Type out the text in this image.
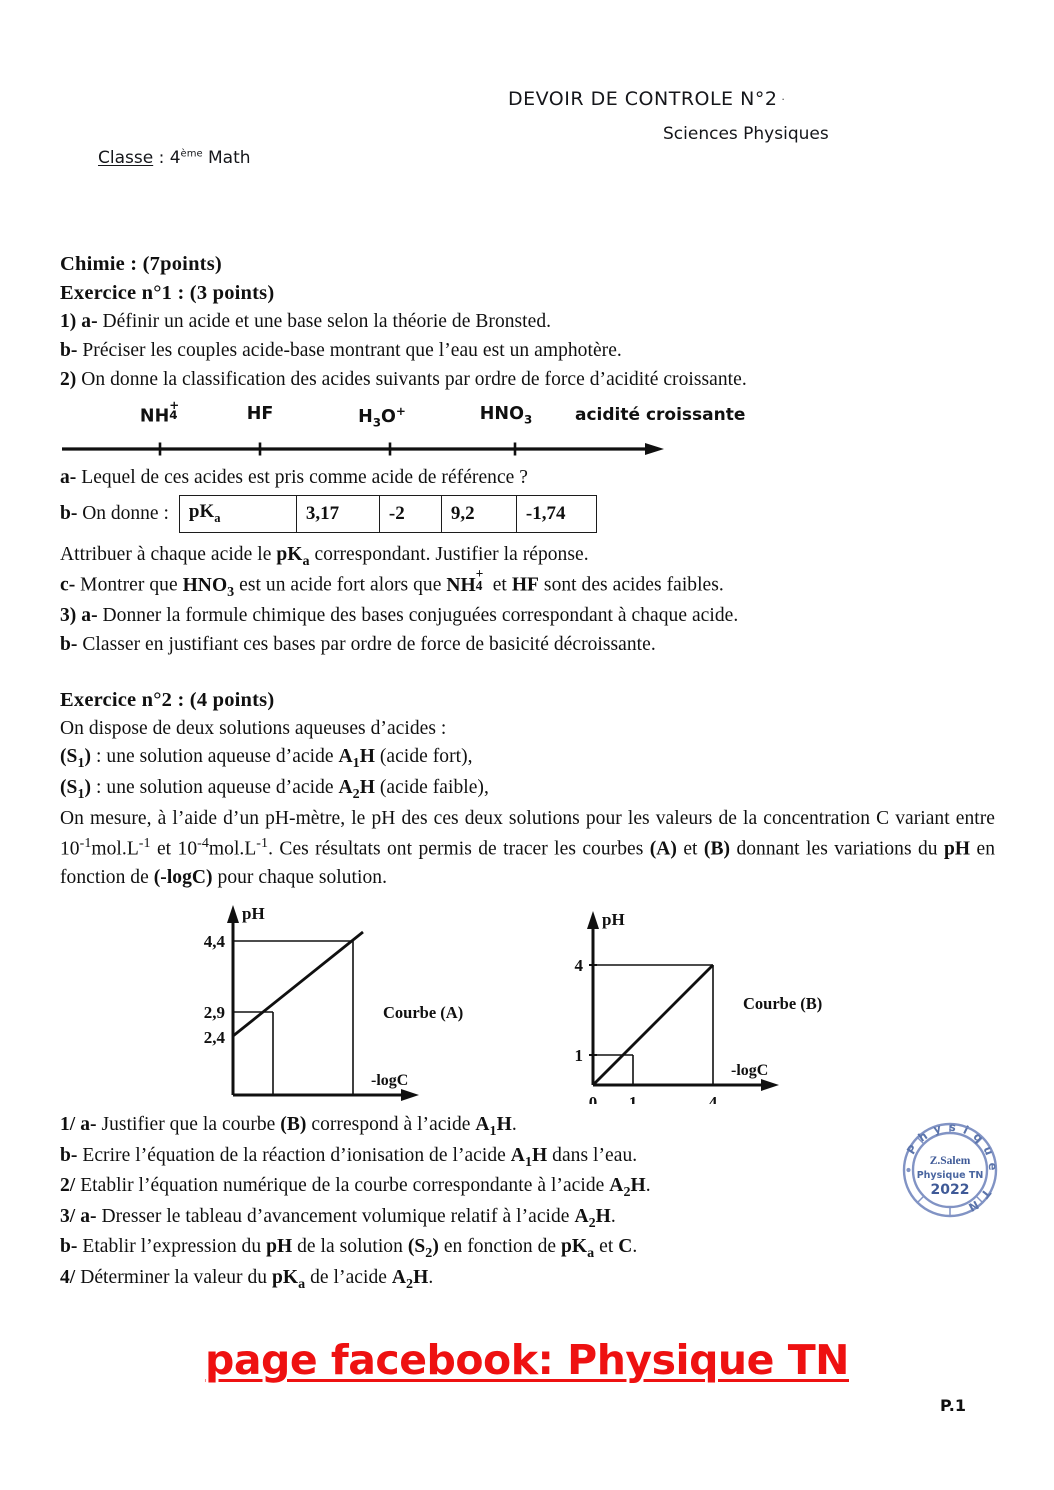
DEVOIR DE CONTROLE N°2 ·
Sciences Physiques
Classe : 4ème Math
Chimie : (7points)
Exercice n°1 : (3 points)
1) a- Définir un acide et une base selon la théorie de Bronsted.
b- Préciser les couples acide-base montrant que l’eau est un amphotère.
2) On donne la classification des acides suivants par ordre de force d’acidité croissante.
NH
+
4	HF	$H_3O^+$	$HNO_3$	acidité croissante
a- Lequel de ces acides est pris comme acide de référence ?
b- On donne : $pK_a$	3,17	-2	9,2	-1,74
Attribuer à chaque acide le $pK_a$ correspondant. Justifier la réponse.
c- Montrer que $HNO_3$ est un acide fort alors que NH
+
4 et HF sont des acides faibles.
3) a- Donner la formule chimique des bases conjuguées correspondant à chaque acide.
b- Classer en justifiant ces bases par ordre de force de basicité décroissante.
Exercice n°2 : (4 points)
On dispose de deux solutions aqueuses d’acides :
$(S_1)$ : une solution aqueuse d’acide $A_1H$ (acide fort),
$(S_1)$ : une solution aqueuse d’acide $A_2H$ (acide faible),
On mesure, à l’aide d’un pH-mètre, le pH des ces deux solutions pour les valeurs de la concentration C variant entre $10^{-1}mol.L^{-1}$ et $10^{-4}mol.L^{-1}$. Ces résultats ont permis de tracer les courbes (A) et (B) donnant les variations du pH en fonction de (-logC) pour chaque solution.
4,4
2,9
2,4
pH
-logC
Courbe (A)
4
1
0 1	4
pH
-logC
Courbe (B)
1/ a- Justifier que la courbe (B) correspond à l’acide $A_1H$.
b- Ecrire l’équation de la réaction d’ionisation de l’acide $A_1H$ dans l’eau.
2/ Etablir l’équation numérique de la courbe correspondante à l’acide $A_2H$.
3/ a- Dresser le tableau d’avancement volumique relatif à l’acide $A_2H$.
b- Etablir l’expression du pH de la solution $(S_2)$ en fonction de $pK_a$ et C.
4/ Déterminer la valeur du $pK_a$ de l’acide $A_2H$.
Physique TN
Z.Salem
Physique TN
2022
page facebook: Physique TN
P.1
